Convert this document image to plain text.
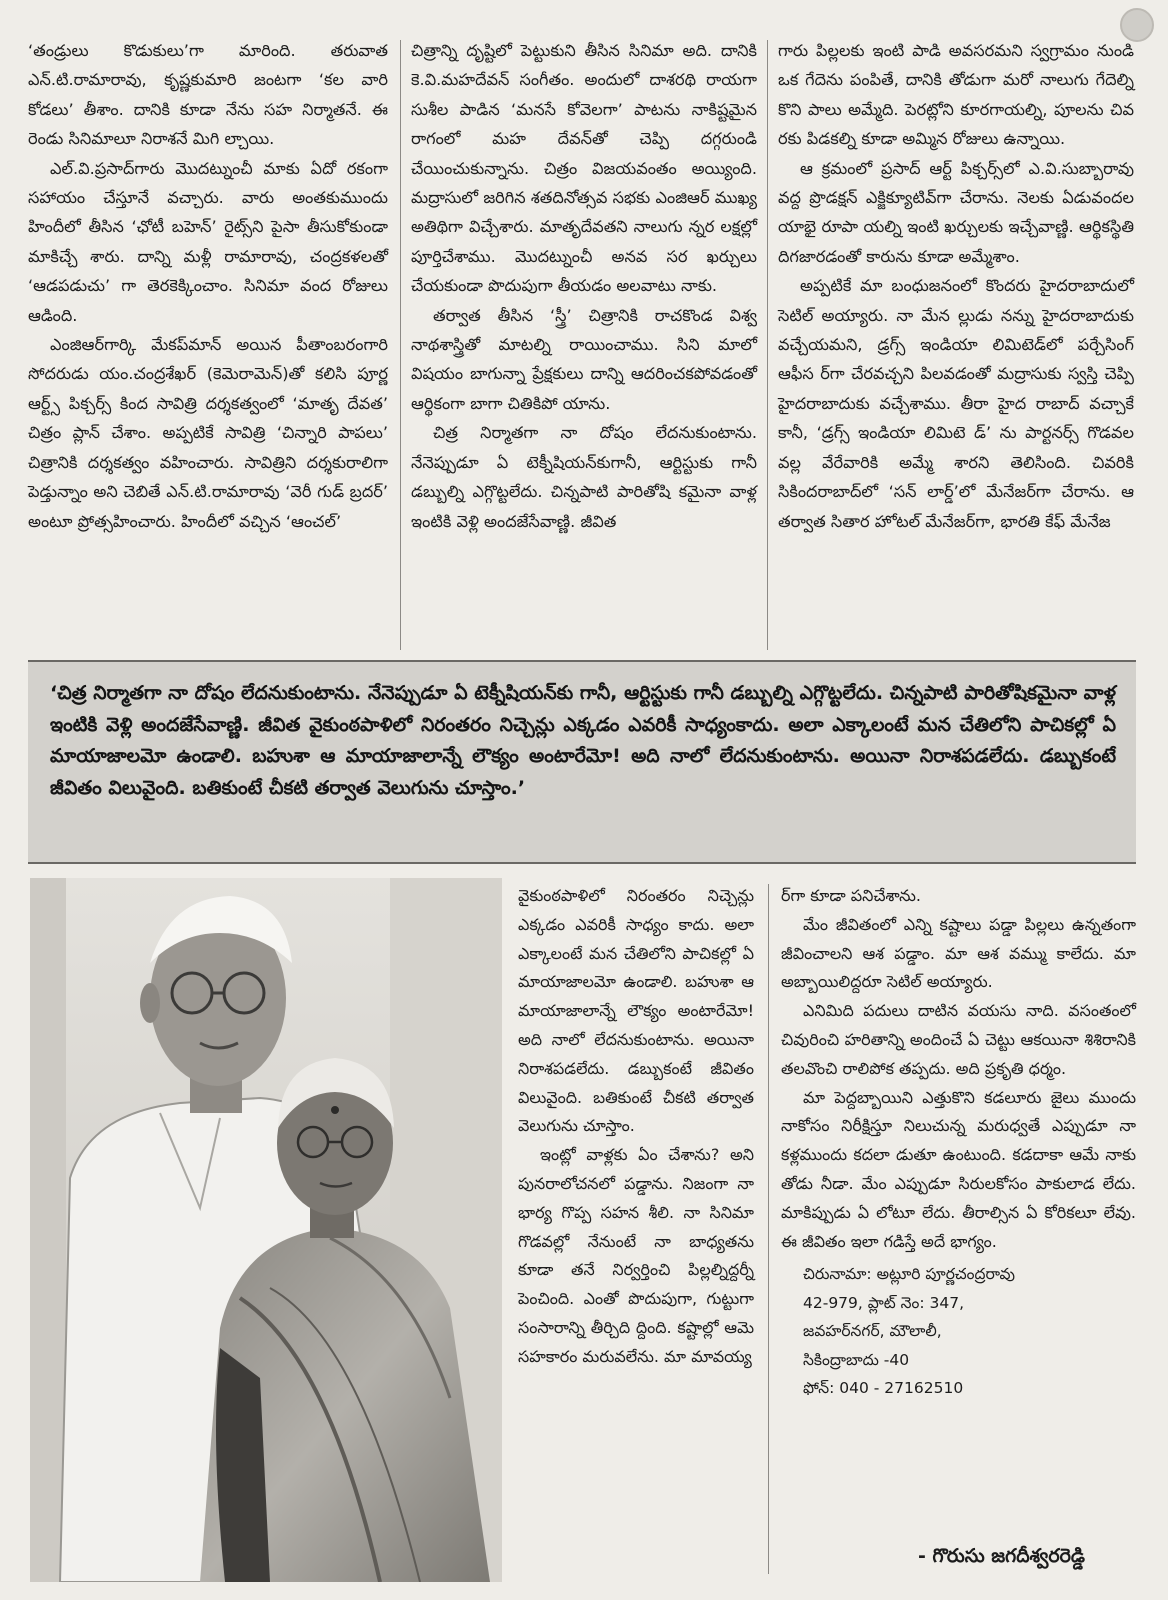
‘తండ్రులు కొడుకులు’గా మారింది. తరువాత ఎన్.టి.రామారావు, కృష్ణకుమారి జంటగా ‘కల వారి కోడలు’ తీశాం. దానికి కూడా నేను సహ నిర్మాతనే. ఈ రెండు సినిమాలూ నిరాశనే మిగి ల్చాయి.

ఎల్.వి.ప్రసాద్‌గారు మొదట్నుంచీ మాకు ఏదో రకంగా సహాయం చేస్తూనే వచ్చారు. వారు అంతకుముందు హిందీలో తీసిన ‘ఛోటీ బహెన్’ రైట్స్‌ని పైసా తీసుకోకుండా మాకిచ్చే శారు. దాన్ని మళ్లీ రామారావు, చంద్రకళలతో ‘ఆడపడుచు’ గా తెరకెక్కించాం. సినిమా వంద రోజులు ఆడింది.

ఎంజిఆర్‌గార్కి మేకప్‌మాన్ అయిన పీతాంబరంగారి సోదరుడు యం.చంద్రశేఖర్ (కెమెరామెన్)తో కలిసి పూర్ణ ఆర్ట్స్ పిక్చర్స్ కింద సావిత్రి దర్శకత్వంలో ‘మాతృ దేవత’ చిత్రం ప్లాన్ చేశాం. అప్పటికే సావిత్రి ‘చిన్నారి పాపలు’ చిత్రానికి దర్శకత్వం వహించారు. సావిత్రిని దర్శకురాలిగా పెడ్తున్నాం అని చెబితే ఎన్.టి.రామారావు ‘వెరీ గుడ్ బ్రదర్’ అంటూ ప్రోత్సహించారు. హిందీలో వచ్చిన ‘ఆంచల్’

చిత్రాన్ని దృష్టిలో పెట్టుకుని తీసిన సినిమా అది. దానికి కె.వి.మహదేవన్ సంగీతం. అందులో దాశరథి రాయగా సుశీల పాడిన ‘మనసే కోవెలగా’ పాటను నాకిష్టమైన రాగంలో మహ దేవన్‌తో చెప్పి దగ్గరుండి చేయించుకున్నాను. చిత్రం విజయవంతం అయ్యింది. మద్రాసులో జరిగిన శతదినోత్సవ సభకు ఎంజిఆర్ ముఖ్య అతిథిగా విచ్చేశారు. మాతృదేవతని నాలుగు న్నర లక్షల్లో పూర్తిచేశాము. మొదట్నుంచీ అనవ సర ఖర్చులు చేయకుండా పొదుపుగా తీయడం అలవాటు నాకు.

తర్వాత తీసిన ‘స్త్రీ’ చిత్రానికి రాచకొండ విశ్వ నాథశాస్త్రితో మాటల్ని రాయించాము. సిని మాలో విషయం బాగున్నా ప్రేక్షకులు దాన్ని ఆదరించకపోవడంతో ఆర్థికంగా బాగా చితికిపో యాను.

చిత్ర నిర్మాతగా నా దోషం లేదనుకుంటాను. నేనెప్పుడూ ఏ టెక్నీషియన్‌కుగానీ, ఆర్టిస్టుకు గానీ డబ్బుల్ని ఎగ్గొట్టలేదు. చిన్నపాటి పారితోషి కమైనా వాళ్ల ఇంటికి వెళ్లి అందజేసేవాణ్ణి. జీవిత

గారు పిల్లలకు ఇంటి పాడి అవసరమని స్వగ్రామం నుండి ఒక గేదెను పంపితే, దానికి తోడుగా మరో నాలుగు గేదెల్ని కొని పాలు అమ్మేది. పెరట్లోని కూరగాయల్ని, పూలను చివ రకు పిడకల్ని కూడా అమ్మిన రోజులు ఉన్నాయి.

ఆ క్రమంలో ప్రసాద్ ఆర్ట్ పిక్చర్స్‌లో ఎ.వి.సుబ్బారావు వద్ద ప్రొడక్షన్ ఎక్జిక్యూటివ్‌గా చేరాను. నెలకు ఏడువందల యాభై రూపా యల్ని ఇంటి ఖర్చులకు ఇచ్చేవాణ్ణి. ఆర్థికస్థితి దిగజారడంతో కారును కూడా అమ్మేశాం.

అప్పటికే మా బంధుజనంలో కొందరు హైదరాబాదులో సెటిల్ అయ్యారు. నా మేన ల్లుడు నన్ను హైదరాబాదుకు వచ్చేయమని, డ్రగ్స్ ఇండియా లిమిటెడ్‌లో పర్చేసింగ్ ఆఫీస ర్‌గా చేరవచ్చని పిలవడంతో మద్రాసుకు స్వస్తి చెప్పి హైదరాబాదుకు వచ్చేశాము. తీరా హైద రాబాద్ వచ్చాకే కానీ, ‘డ్రగ్స్ ఇండియా లిమిటె డ్’ ను పార్టనర్స్ గొడవల వల్ల వేరేవారికి అమ్మే శారని తెలిసింది. చివరికి సికిందరాబాద్‌లో ‘సన్ లార్డ్’లో మేనేజర్‌గా చేరాను. ఆ తర్వాత సితార హోటల్ మేనేజర్‌గా, భారతి కేఫ్ మేనేజ

‘చిత్ర నిర్మాతగా నా దోషం లేదనుకుంటాను. నేనెప్పుడూ ఏ టెక్నీషియన్‌కు గానీ, ఆర్టిస్టుకు గానీ డబ్బుల్ని ఎగ్గొట్టలేదు. చిన్నపాటి పారితోషికమైనా వాళ్ల ఇంటికి వెళ్లి అందజేసేవాణ్ణి. జీవిత వైకుంఠపాళిలో నిరంతరం నిచ్చెన్లు ఎక్కడం ఎవరికీ సాధ్యంకాదు. అలా ఎక్కాలంటే మన చేతిలోని పాచికల్లో ఏ మాయాజాలమో ఉండాలి. బహుశా ఆ మాయాజాలాన్నే లౌక్యం అంటారేమో! అది నాలో లేదనుకుంటాను. అయినా నిరాశపడలేదు. డబ్బుకంటే జీవితం విలువైంది. బతికుంటే చీకటి తర్వాత వెలుగును చూస్తాం.’

వైకుంఠపాళిలో నిరంతరం నిచ్చెన్లు ఎక్కడం ఎవరికీ సాధ్యం కాదు. అలా ఎక్కాలంటే మన చేతిలోని పాచికల్లో ఏ మాయాజాలమో ఉండాలి. బహుశా ఆ మాయాజాలాన్నే లౌక్యం అంటారేమో! అది నాలో లేదనుకుంటాను. అయినా నిరాశపడలేదు. డబ్బుకంటే జీవితం విలువైంది. బతికుంటే చీకటి తర్వాత వెలుగును చూస్తాం.

ఇంట్లో వాళ్లకు ఏం చేశాను? అని పునరాలోచనలో పడ్డాను. నిజంగా నా భార్య గొప్ప సహన శీలి. నా సినిమా గొడవల్లో నేనుంటే నా బాధ్యతను కూడా తనే నిర్వర్తించి పిల్లల్నిద్దర్నీ పెంచింది. ఎంతో పొదుపుగా, గుట్టుగా సంసారాన్ని తీర్చిది ద్దింది. కష్టాల్లో ఆమె సహకారం మరువలేను. మా మావయ్య

ర్‌గా కూడా పనిచేశాను.

మేం జీవితంలో ఎన్ని కష్టాలు పడ్డా పిల్లలు ఉన్నతంగా జీవించాలని ఆశ పడ్డాం. మా ఆశ వమ్ము కాలేదు. మా అబ్బాయిలిద్దరూ సెటిల్ అయ్యారు.

ఎనిమిది పదులు దాటిన వయసు నాది. వసంతంలో చివురించి హరితాన్ని అందించే ఏ చెట్టు ఆకయినా శిశిరానికి తలవొంచి రాలిపోక తప్పదు. అది ప్రకృతి ధర్మం.

మా పెద్దబ్బాయిని ఎత్తుకొని కడలూరు జైలు ముందు నాకోసం నిరీక్షిస్తూ నిలుచున్న మరుధ్వతే ఎప్పుడూ నా కళ్లముందు కదలా డుతూ ఉంటుంది. కడదాకా ఆమే నాకు తోడు నీడా. మేం ఎప్పుడూ సిరులకోసం పాకులాడ లేదు. మాకిప్పుడు ఏ లోటూ లేదు. తీరాల్సిన ఏ కోరికలూ లేవు. ఈ జీవితం ఇలా గడిస్తే అదే భాగ్యం.

చిరునామా: అట్లూరి పూర్ణచంద్రరావు
42-979, ప్లాట్ నెం: 347,
జవహర్‌నగర్, మౌలాలీ,
సికింద్రాబాదు -40
ఫోన్: 040 - 27162510
- గొరుసు జగదీశ్వరరెడ్డి
